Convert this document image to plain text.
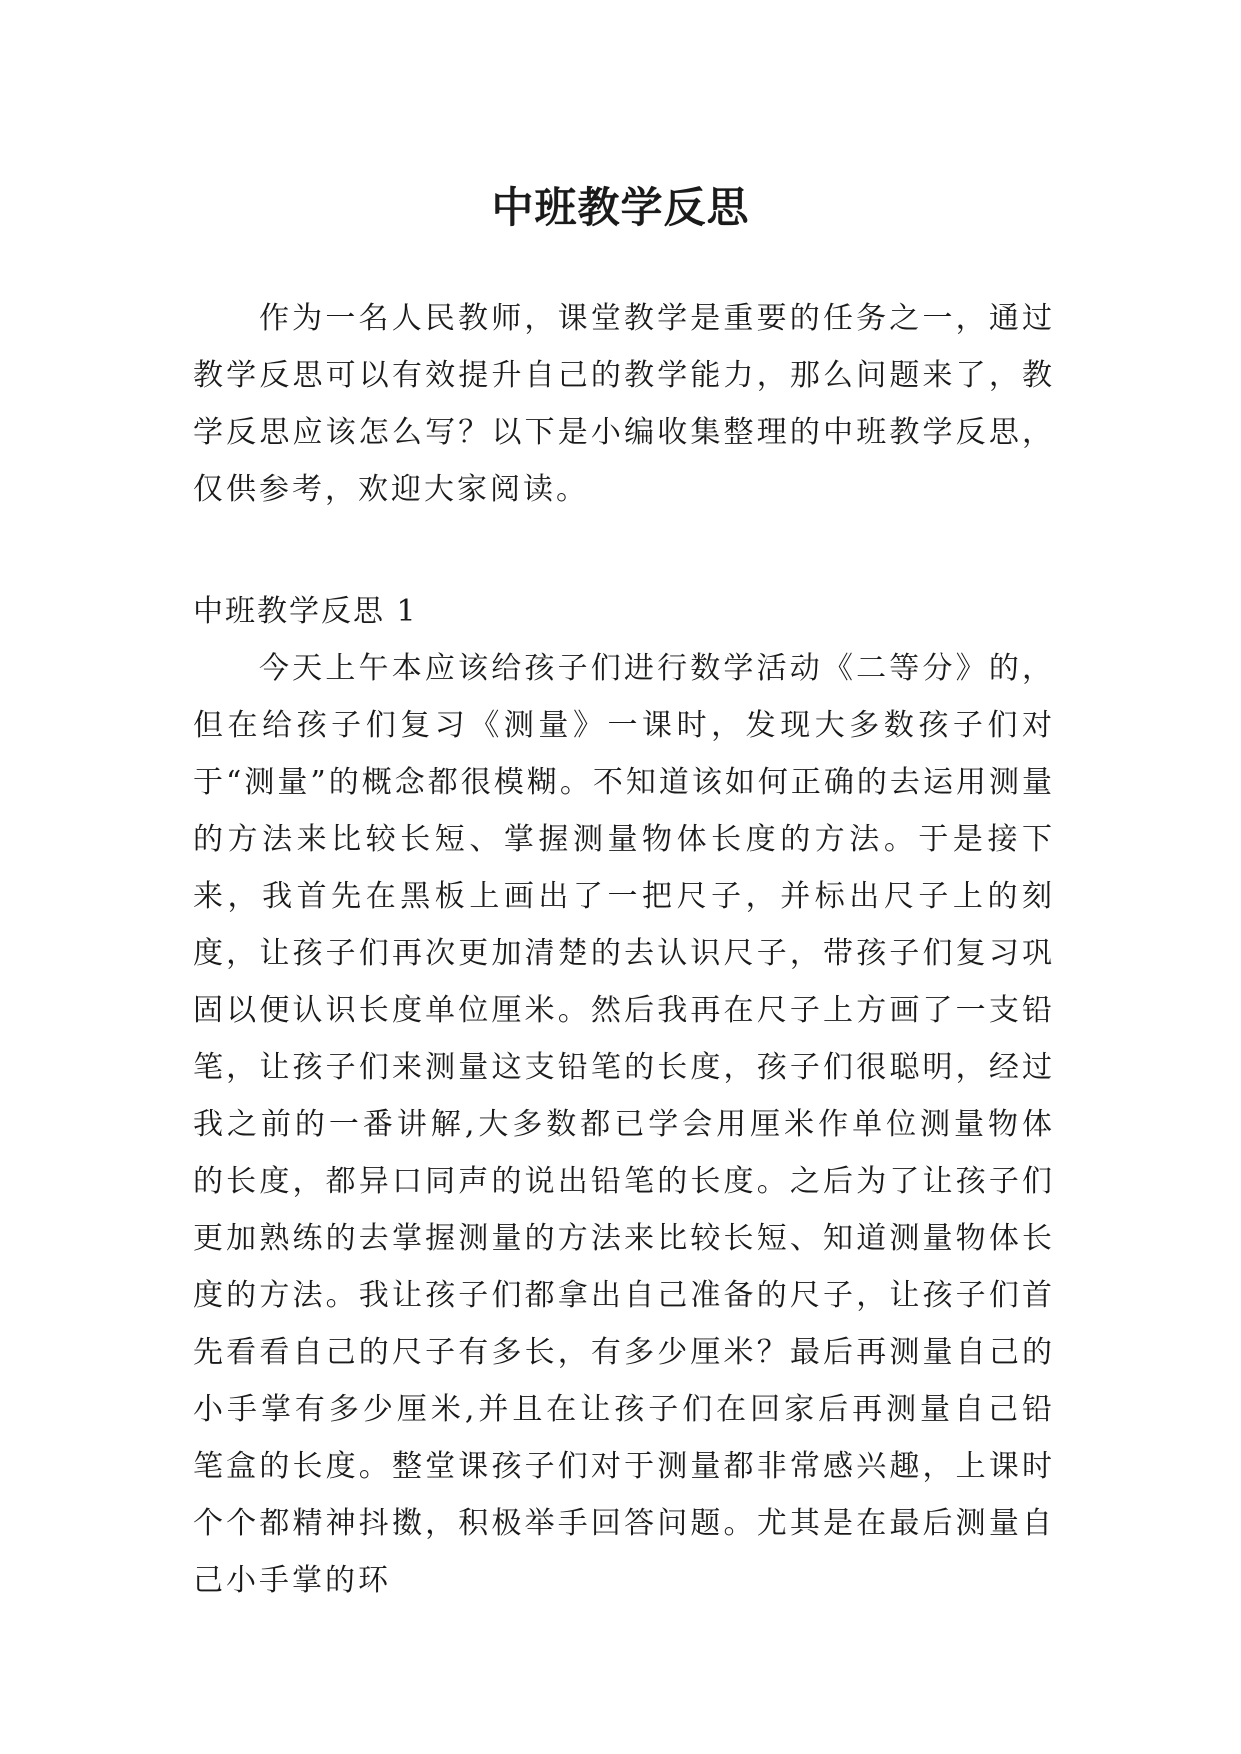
中班教学反思

作为一名人民教师，课堂教学是重要的任务之一，通过教学反思可以有效提升自己的教学能力，那么问题来了，教学反思应该怎么写？以下是小编收集整理的中班教学反思，仅供参考，欢迎大家阅读。

中班教学反思 1

今天上午本应该给孩子们进行数学活动《二等分》的，但在给孩子们复习《测量》一课时，发现大多数孩子们对于“测量”的概念都很模糊。不知道该如何正确的去运用测量的方法来比较长短、掌握测量物体长度的方法。于是接下来，我首先在黑板上画出了一把尺子，并标出尺子上的刻度，让孩子们再次更加清楚的去认识尺子，带孩子们复习巩固以便认识长度单位厘米。然后我再在尺子上方画了一支铅笔，让孩子们来测量这支铅笔的长度，孩子们很聪明，经过我之前的一番讲解,大多数都已学会用厘米作单位测量物体的长度，都异口同声的说出铅笔的长度。之后为了让孩子们更加熟练的去掌握测量的方法来比较长短、知道测量物体长度的方法。我让孩子们都拿出自己准备的尺子，让孩子们首先看看自己的尺子有多长，有多少厘米？最后再测量自己的小手掌有多少厘米,并且在让孩子们在回家后再测量自己铅笔盒的长度。整堂课孩子们对于测量都非常感兴趣，上课时个个都精神抖擞，积极举手回答问题。尤其是在最后测量自己小手掌的环
